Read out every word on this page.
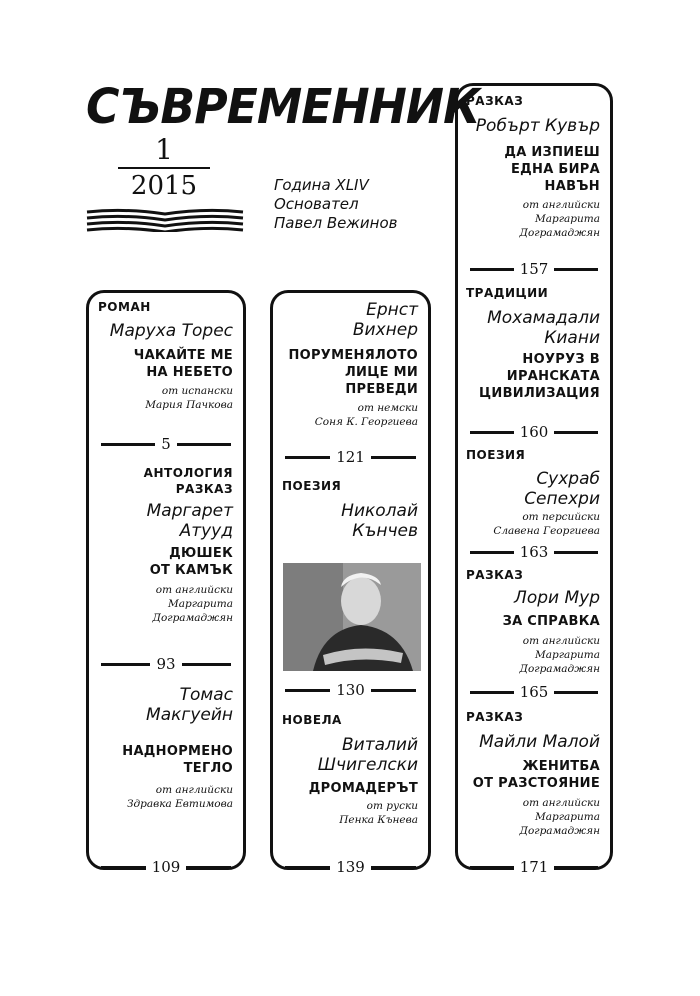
СЪВРЕМЕННИК
1
2015	Година XLIV
Основател
Павел Вежинов
РОМАН
Маруха Торес
ЧАКАЙТЕ МЕ
НА НЕБЕТО
от испански
Мария Пачкова
5
АНТОЛОГИЯ
РАЗКАЗ
Маргарет
Атууд
ДЮШЕК
ОТ КАМЪК
от английски
Маргарита
Дограмаджян
93
Томас
Макгуейн
НАДНОРМЕНО
ТЕГЛО
от английски
Здравка Евтимова
109
Ернст
Вихнер
ПОРУМЕНЯЛОТО
ЛИЦЕ МИ
ПРЕВЕДИ
от немски
Соня К. Георгиева
121
ПОЕЗИЯ
Николай
Кънчев
130
НОВЕЛА
Виталий
Шчигелски
ДРОМАДЕРЪТ
от руски
Пенка Кънева
139
РАЗКАЗ
Робърт Кувър
ДА ИЗПИЕШ
ЕДНА БИРА
НАВЪН
от английски
Маргарита
Дограмаджян
157
ТРАДИЦИИ
Мохамадали
Киани
НОУРУЗ В
ИРАНСКАТА
ЦИВИЛИЗАЦИЯ
160
ПОЕЗИЯ
Сухраб
Сепехри
от персийски
Славена Георгиева
163
РАЗКАЗ
Лори Мур
ЗА СПРАВКА
от английски
Маргарита
Дограмаджян
165
РАЗКАЗ
Майли Малой
ЖЕНИТБА
ОТ РАЗСТОЯНИЕ
от английски
Маргарита
Дограмаджян
171
